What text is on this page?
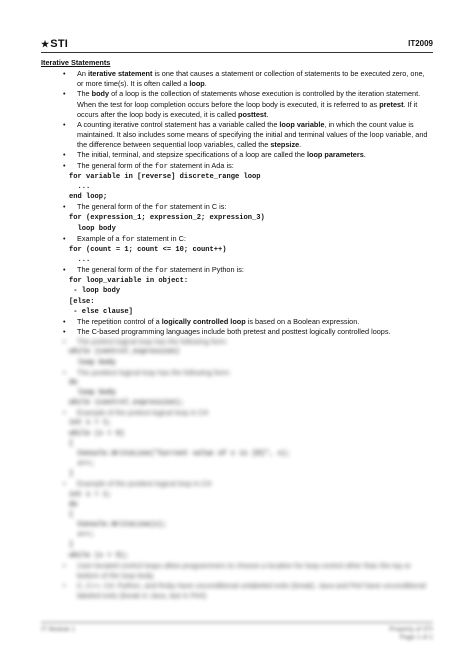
★STI	IT2009
Iterative Statements
• An iterative statement is one that causes a statement or collection of statements to be executed zero, one, or more time(s). It is often called a loop.
• The body of a loop is the collection of statements whose execution is controlled by the iteration statement. When the test for loop completion occurs before the loop body is executed, it is referred to as pretest. If it occurs after the loop body is executed, it is called posttest.
• A counting iterative control statement has a variable called the loop variable, in which the count value is maintained. It also includes some means of specifying the initial and terminal values of the loop variable, and the difference between sequential loop variables, called the stepsize.
• The initial, terminal, and stepsize specifications of a loop are called the loop parameters.
• The general form of the for statement in Ada is:
for variable in [reverse] discrete_range loop
...
end loop;
• The general form of the for statement in C is:
for (expression_1; expression_2; expression_3)
loop body
• Example of a for statement in C:
for (count = 1; count <= 10; count++)
...
• The general form of the for statement in Python is:
for loop_variable in object:
- loop body
[else:
- else clause]
• The repetition control of a logically controlled loop is based on a Boolean expression.
• The C-based programming languages include both pretest and posttest logically controlled loops.
• The pretest logical loop has the following form:
while (control_expression)
loop body
• The posttest logical loop has the following form:
do
loop body
while (control_expression);
• Example of the pretest logical loop in C#:
int x = 1;
while (x < 6)
{
Console.WriteLine("Current value of x is {0}", x);
x++;
}
• Example of the posttest logical loop in C#:
int x = 1;
do
{
Console.WriteLine(x);
x++;
}
while (x < 5);
• User-located control loops allow programmers to choose a location for loop control other than the top or bottom of the loop body.
• C, C++, C#, Python, and Ruby have unconditional unlabeled exits (break). Java and Perl have unconditional labeled exits (break in Java, last in Perl).
IT Module 1	Property of STI
Page 1 of 1
